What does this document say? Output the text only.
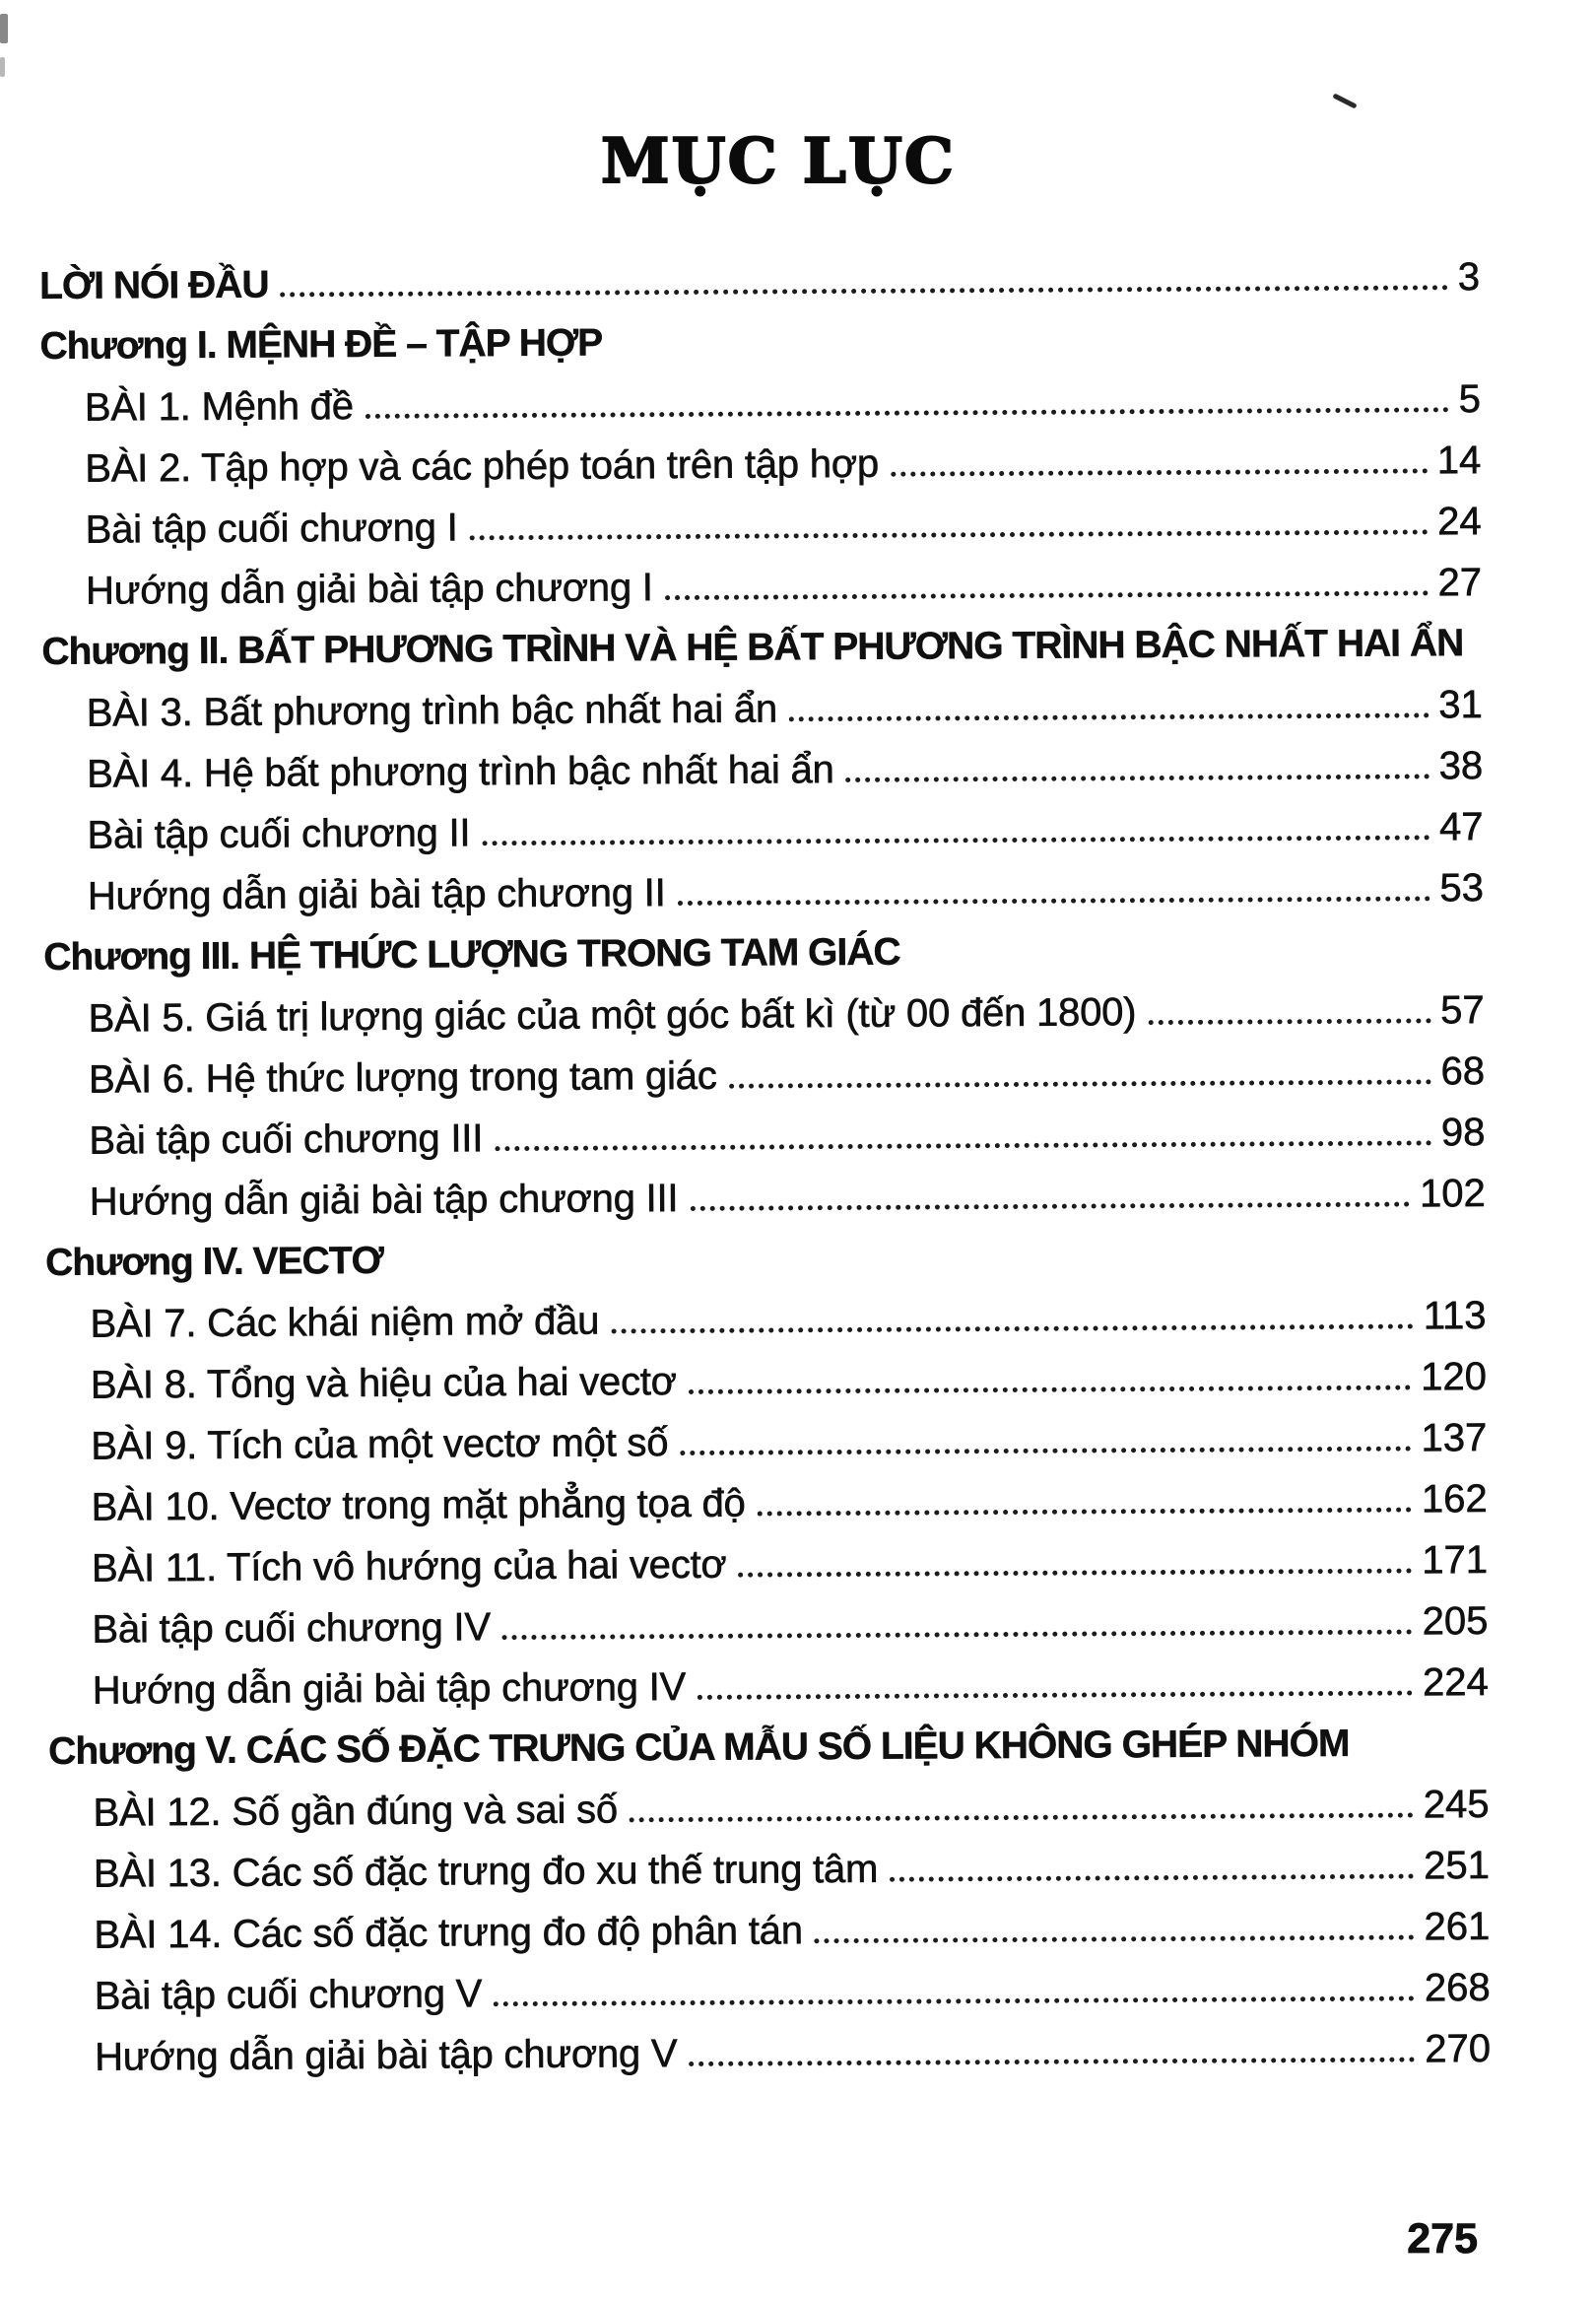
MỤC LỤC
LỜI NÓI ĐẦU	3
Chương I. MỆNH ĐỀ – TẬP HỢP
BÀI 1. Mệnh đề	5
BÀI 2. Tập hợp và các phép toán trên tập hợp	14
Bài tập cuối chương I	24
Hướng dẫn giải bài tập chương I	27
Chương II. BẤT PHƯƠNG TRÌNH VÀ HỆ BẤT PHƯƠNG TRÌNH BẬC NHẤT HAI ẨN
BÀI 3. Bất phương trình bậc nhất hai ẩn	31
BÀI 4. Hệ bất phương trình bậc nhất hai ẩn	38
Bài tập cuối chương II	47
Hướng dẫn giải bài tập chương II	53
Chương III. HỆ THỨC LƯỢNG TRONG TAM GIÁC
BÀI 5. Giá trị lượng giác của một góc bất kì (từ 00 đến 1800)	57
BÀI 6. Hệ thức lượng trong tam giác	68
Bài tập cuối chương III	98
Hướng dẫn giải bài tập chương III	102
Chương IV. VECTƠ
BÀI 7. Các khái niệm mở đầu	113
BÀI 8. Tổng và hiệu của hai vectơ	120
BÀI 9. Tích của một vectơ một số	137
BÀI 10. Vectơ trong mặt phẳng tọa độ	162
BÀI 11. Tích vô hướng của hai vectơ	171
Bài tập cuối chương IV	205
Hướng dẫn giải bài tập chương IV	224
Chương V. CÁC SỐ ĐẶC TRƯNG CỦA MẪU SỐ LIỆU KHÔNG GHÉP NHÓM
BÀI 12. Số gần đúng và sai số	245
BÀI 13. Các số đặc trưng đo xu thế trung tâm	251
BÀI 14. Các số đặc trưng đo độ phân tán	261
Bài tập cuối chương V	268
Hướng dẫn giải bài tập chương V	270
275
